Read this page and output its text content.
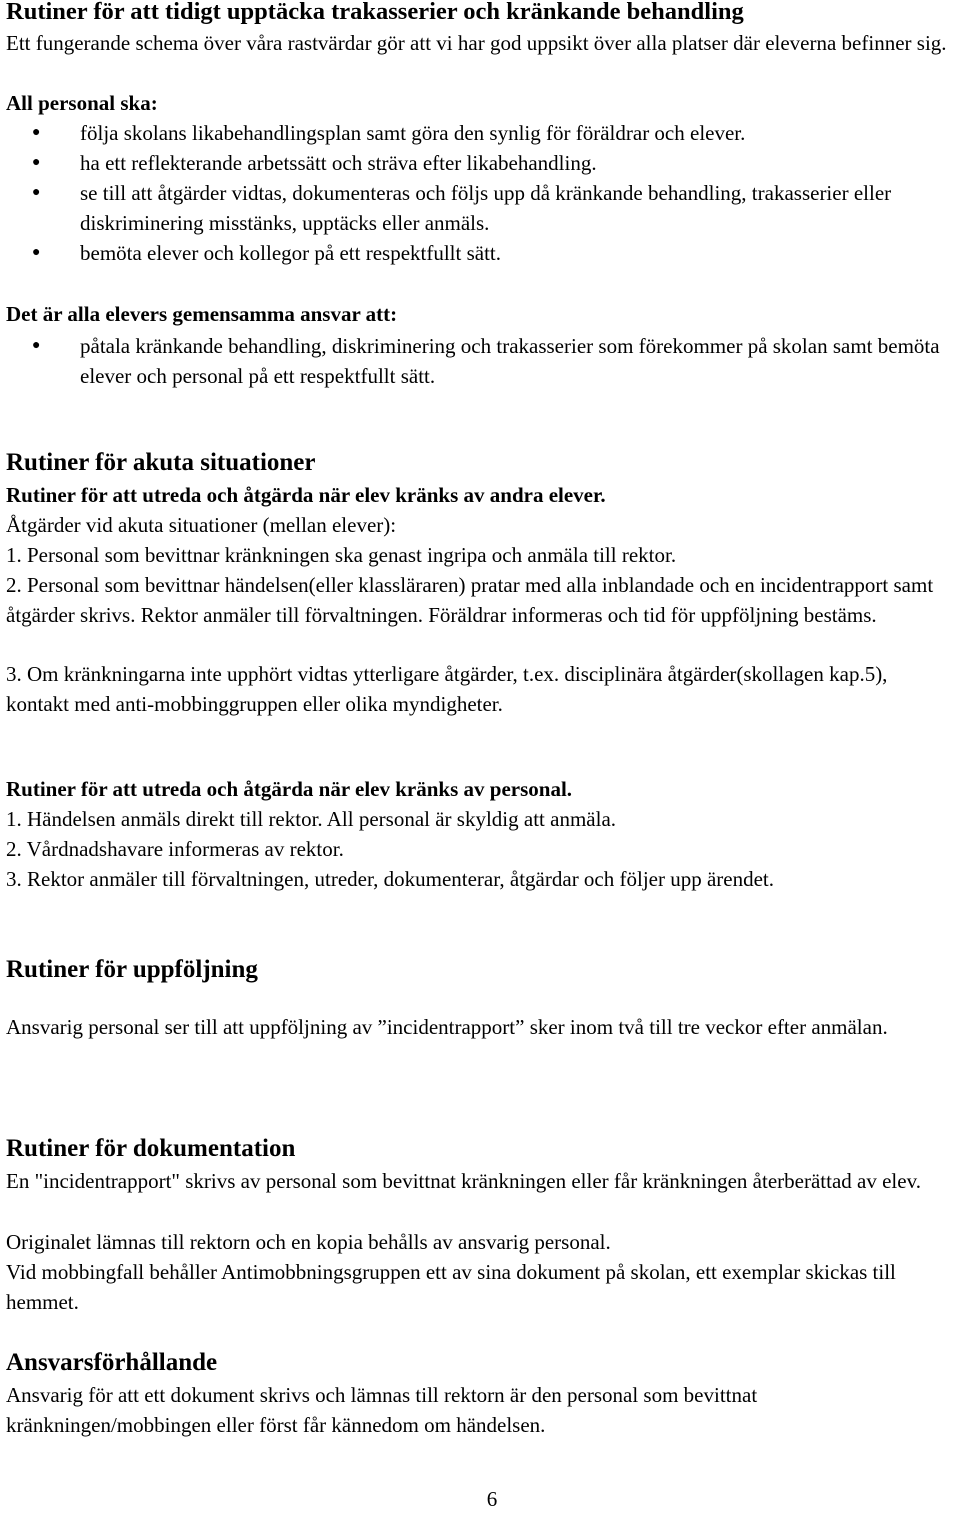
Rutiner för att tidigt upptäcka trakasserier och kränkande behandling

Ett fungerande schema över våra rastvärdar gör att vi har god uppsikt över alla platser där eleverna befinner sig.

All personal ska:

● följa skolans likabehandlingsplan samt göra den synlig för föräldrar och elever.
● ha ett reflekterande arbetssätt och sträva efter likabehandling.
● se till att åtgärder vidtas, dokumenteras och följs upp då kränkande behandling, trakasserier eller diskriminering misstänks, upptäcks eller anmäls.
● bemöta elever och kollegor på ett respektfullt sätt.

Det är alla elevers gemensamma ansvar att:

● påtala kränkande behandling, diskriminering och trakasserier som förekommer på skolan samt bemöta elever och personal på ett respektfullt sätt.
Rutiner för akuta situationer

Rutiner för att utreda och åtgärda när elev kränks av andra elever.

Åtgärder vid akuta situationer (mellan elever):

1. Personal som bevittnar kränkningen ska genast ingripa och anmäla till rektor.

2. Personal som bevittnar händelsen(eller klassläraren) pratar med alla inblandade och en incidentrapport samt åtgärder skrivs. Rektor anmäler till förvaltningen. Föräldrar informeras och tid för uppföljning bestäms.

3. Om kränkningarna inte upphört vidtas ytterligare åtgärder, t.ex. disciplinära åtgärder(skollagen kap.5), kontakt med anti-mobbinggruppen eller olika myndigheter.

Rutiner för att utreda och åtgärda när elev kränks av personal.

1. Händelsen anmäls direkt till rektor. All personal är skyldig att anmäla.

2. Vårdnadshavare informeras av rektor.

3. Rektor anmäler till förvaltningen, utreder, dokumenterar, åtgärdar och följer upp ärendet.

Rutiner för uppföljning

Ansvarig personal ser till att uppföljning av ”incidentrapport” sker inom två till tre veckor efter anmälan.

Rutiner för dokumentation

En "incidentrapport" skrivs av personal som bevittnat kränkningen eller får kränkningen återberättad av elev.

Originalet lämnas till rektorn och en kopia behålls av ansvarig personal.

Vid mobbingfall behåller Antimobbningsgruppen ett av sina dokument på skolan, ett exemplar skickas till hemmet.

Ansvarsförhållande

Ansvarig för att ett dokument skrivs och lämnas till rektorn är den personal som bevittnat kränkningen/mobbingen eller först får kännedom om händelsen.

6
